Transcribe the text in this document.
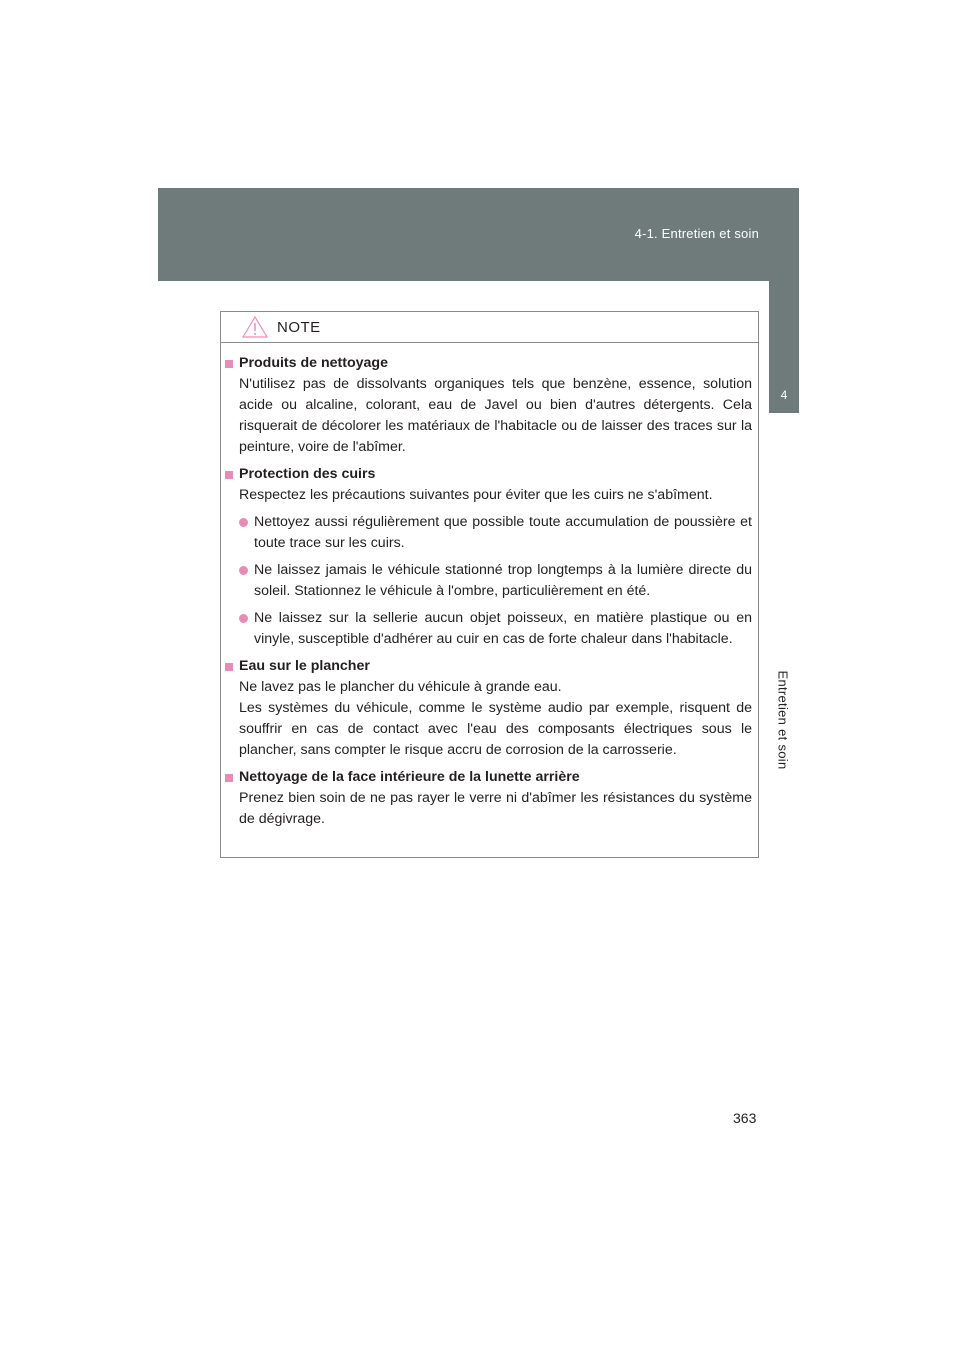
4-1. Entretien et soin
4
Entretien et soin
NOTE
Produits de nettoyage
N'utilisez pas de dissolvants organiques tels que benzène, essence, solution acide ou alcaline, colorant, eau de Javel ou bien d'autres détergents. Cela risquerait de décolorer les matériaux de l'habitacle ou de laisser des traces sur la peinture, voire de l'abîmer.
Protection des cuirs
Respectez les précautions suivantes pour éviter que les cuirs ne s'abîment.
Nettoyez aussi régulièrement que possible toute accumulation de poussière et toute trace sur les cuirs.
Ne laissez jamais le véhicule stationné trop longtemps à la lumière directe du soleil. Stationnez le véhicule à l'ombre, particulièrement en été.
Ne laissez sur la sellerie aucun objet poisseux, en matière plastique ou en vinyle, susceptible d'adhérer au cuir en cas de forte chaleur dans l'habitacle.
Eau sur le plancher
Ne lavez pas le plancher du véhicule à grande eau.
Les systèmes du véhicule, comme le système audio par exemple, risquent de souffrir en cas de contact avec l'eau des composants électriques sous le plancher, sans compter le risque accru de corrosion de la carrosserie.
Nettoyage de la face intérieure de la lunette arrière
Prenez bien soin de ne pas rayer le verre ni d'abîmer les résistances du système de dégivrage.
363
